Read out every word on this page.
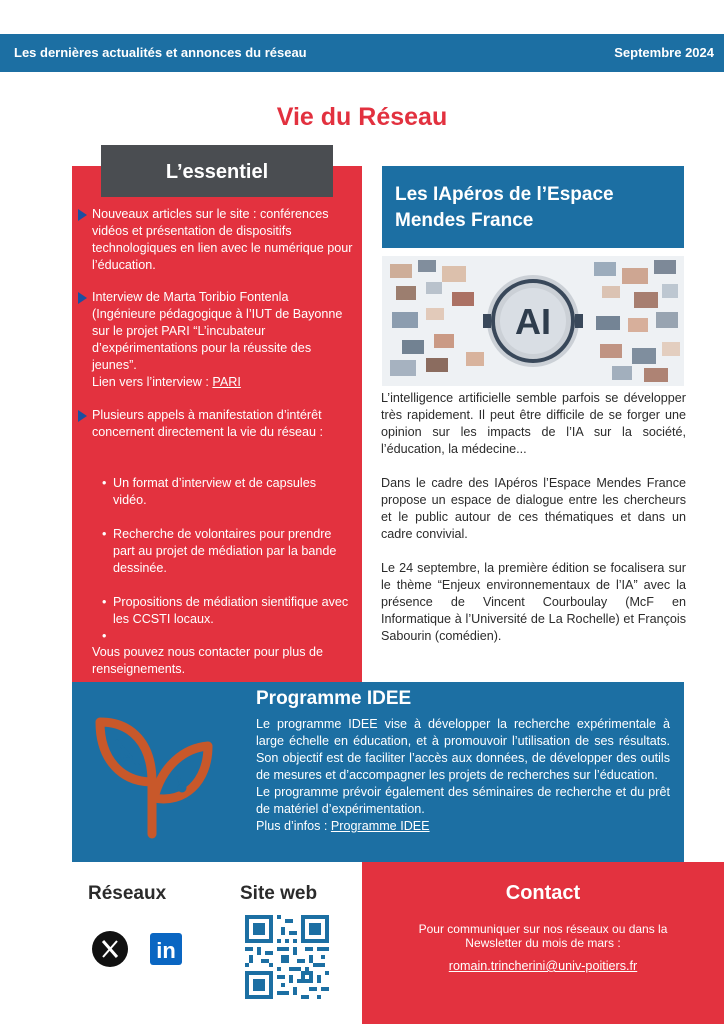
Les dernières actualités et annonces du réseau	Septembre 2024
Vie du Réseau
L’essentiel
Nouveaux articles sur le site : conférences vidéos et présentation de dispositifs technologiques en lien avec le numérique pour l’éducation.
Interview de Marta Toribio Fontenla (Ingénieure pédagogique à l’IUT de Bayonne sur le projet PARI “L’incubateur d’expérimentations pour la réussite des jeunes”.
Lien vers l’interview : PARI
Plusieurs appels à manifestation d’intérêt concernent directement la vie du réseau :
• Un format d’interview et de capsules vidéo.
• Recherche de volontaires pour prendre part au projet de médiation par la bande dessinée.
• Propositions de médiation sientifique avec les CCSTI locaux.
•
Vous pouvez nous contacter pour plus de renseignements.
Les IApéros de l’Espace Mendes France
AI

L’intelligence artificielle semble parfois se développer très rapidement. Il peut être difficile de se forger une opinion sur les impacts de l’IA sur la société, l’éducation, la médecine...

Dans le cadre des IApéros l’Espace Mendes France propose un espace de dialogue entre les chercheurs et le public autour de ces thématiques et dans un cadre convivial.

Le 24 septembre, la première édition se focalisera sur le thème “Enjeux environnementaux de l’IA” avec la présence de Vincent Courboulay (McF en Informatique à l’Université de La Rochelle) et François Sabourin (comédien).

Programme IDEE

Le programme IDEE vise à développer la recherche expérimentale à large échelle en éducation, et à promouvoir l’utilisation de ses résultats. Son objectif est de faciliter l’accès aux données, de développer des outils de mesures et d’accompagner les projets de recherches sur l’éducation.

Le programme prévoir également des séminaires de recherche et du prêt de matériel d’expérimentation.

Plus d’infos : Programme IDEE

Réseaux	Site web
in
Contact
Pour communiquer sur nos réseaux ou dans la Newsletter du mois de mars :
romain.trincherini@univ-poitiers.fr
